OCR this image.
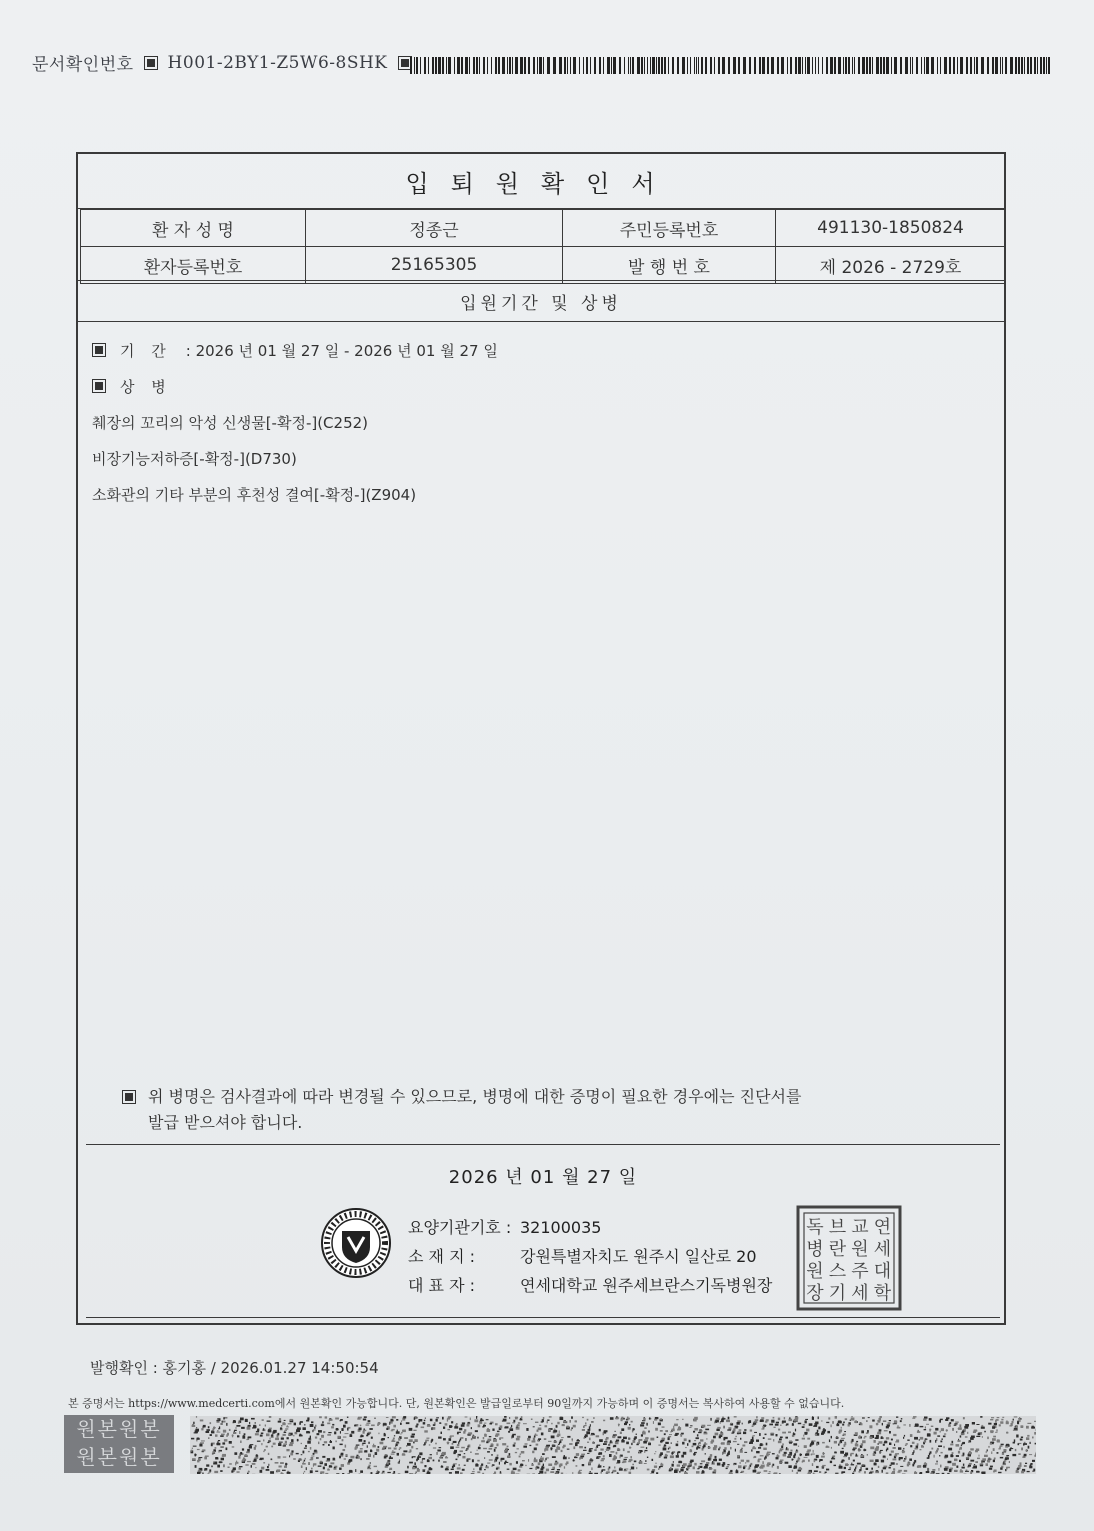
문서확인번호 H001-2BY1-Z5W6-8SHK
입퇴원확인서
환 자 성 명	정종근	주민등록번호	491130-1850824
환자등록번호	25165305	발 행 번 호	제 2026 - 2729호
입원기간 및 상병
기 간 : 2026 년 01 월 27 일 - 2026 년 01 월 27 일
상 병
췌장의 꼬리의 악성 신생물[-확정-](C252)
비장기능저하증[-확정-](D730)
소화관의 기타 부분의 후천성 결여[-확정-](Z904)
위 병명은 검사결과에 따라 변경될 수 있으므로, 병명에 대한 증명이 필요한 경우에는 진단서를
발급 받으셔야 합니다.
2026 년 01 월 27 일
요양기관기호 : 32100035
소 재 지 :	강원특별자치도 원주시 일산로 20
대 표 자 :	연세대학교 원주세브란스기독병원장
연
세
대
학
교
원
주
세
브
란
스
기
독
병
원
장
발행확인 : 홍기홍 / 2026.01.27 14:50:54
본 증명서는 https://www.medcerti.com에서 원본확인 가능합니다. 단, 원본확인은 발급일로부터 90일까지 가능하며 이 증명서는 복사하여 사용할 수 없습니다.
원본원본
원본원본
